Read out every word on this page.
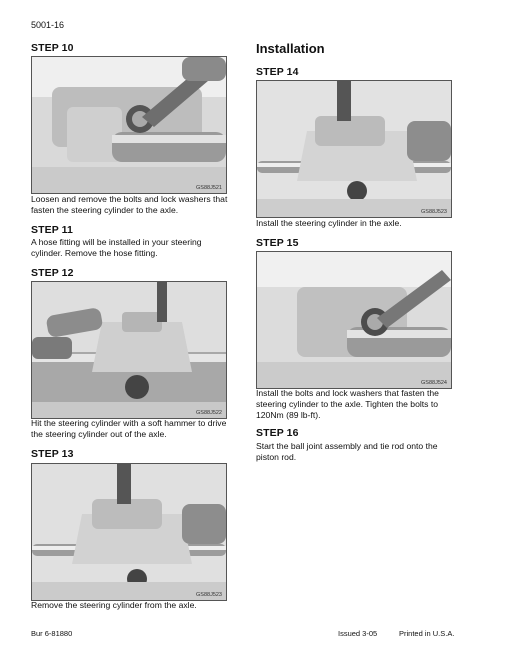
5001-16
STEP 10
GS88J521
Loosen and remove the bolts and lock washers that
fasten the steering cylinder to the axle.
STEP 11
A hose fitting will be installed in your steering
cylinder. Remove the hose fitting.
STEP 12
GS88J522
Hit the steering cylinder with a soft hammer to drive
the steering cylinder out of the axle.
STEP 13
GS88J523
Remove the steering cylinder from the axle.
Installation
STEP 14
GS88J523
Install the steering cylinder in the axle.
STEP 15
GS88J524
Install the bolts and lock washers that fasten the
steering cylinder to the axle. Tighten the bolts to
120Nm (89 lb-ft).
STEP 16
Start the ball joint assembly and tie rod onto the
piston rod.
Bur 6-81880	Issued 3-05	Printed in U.S.A.
